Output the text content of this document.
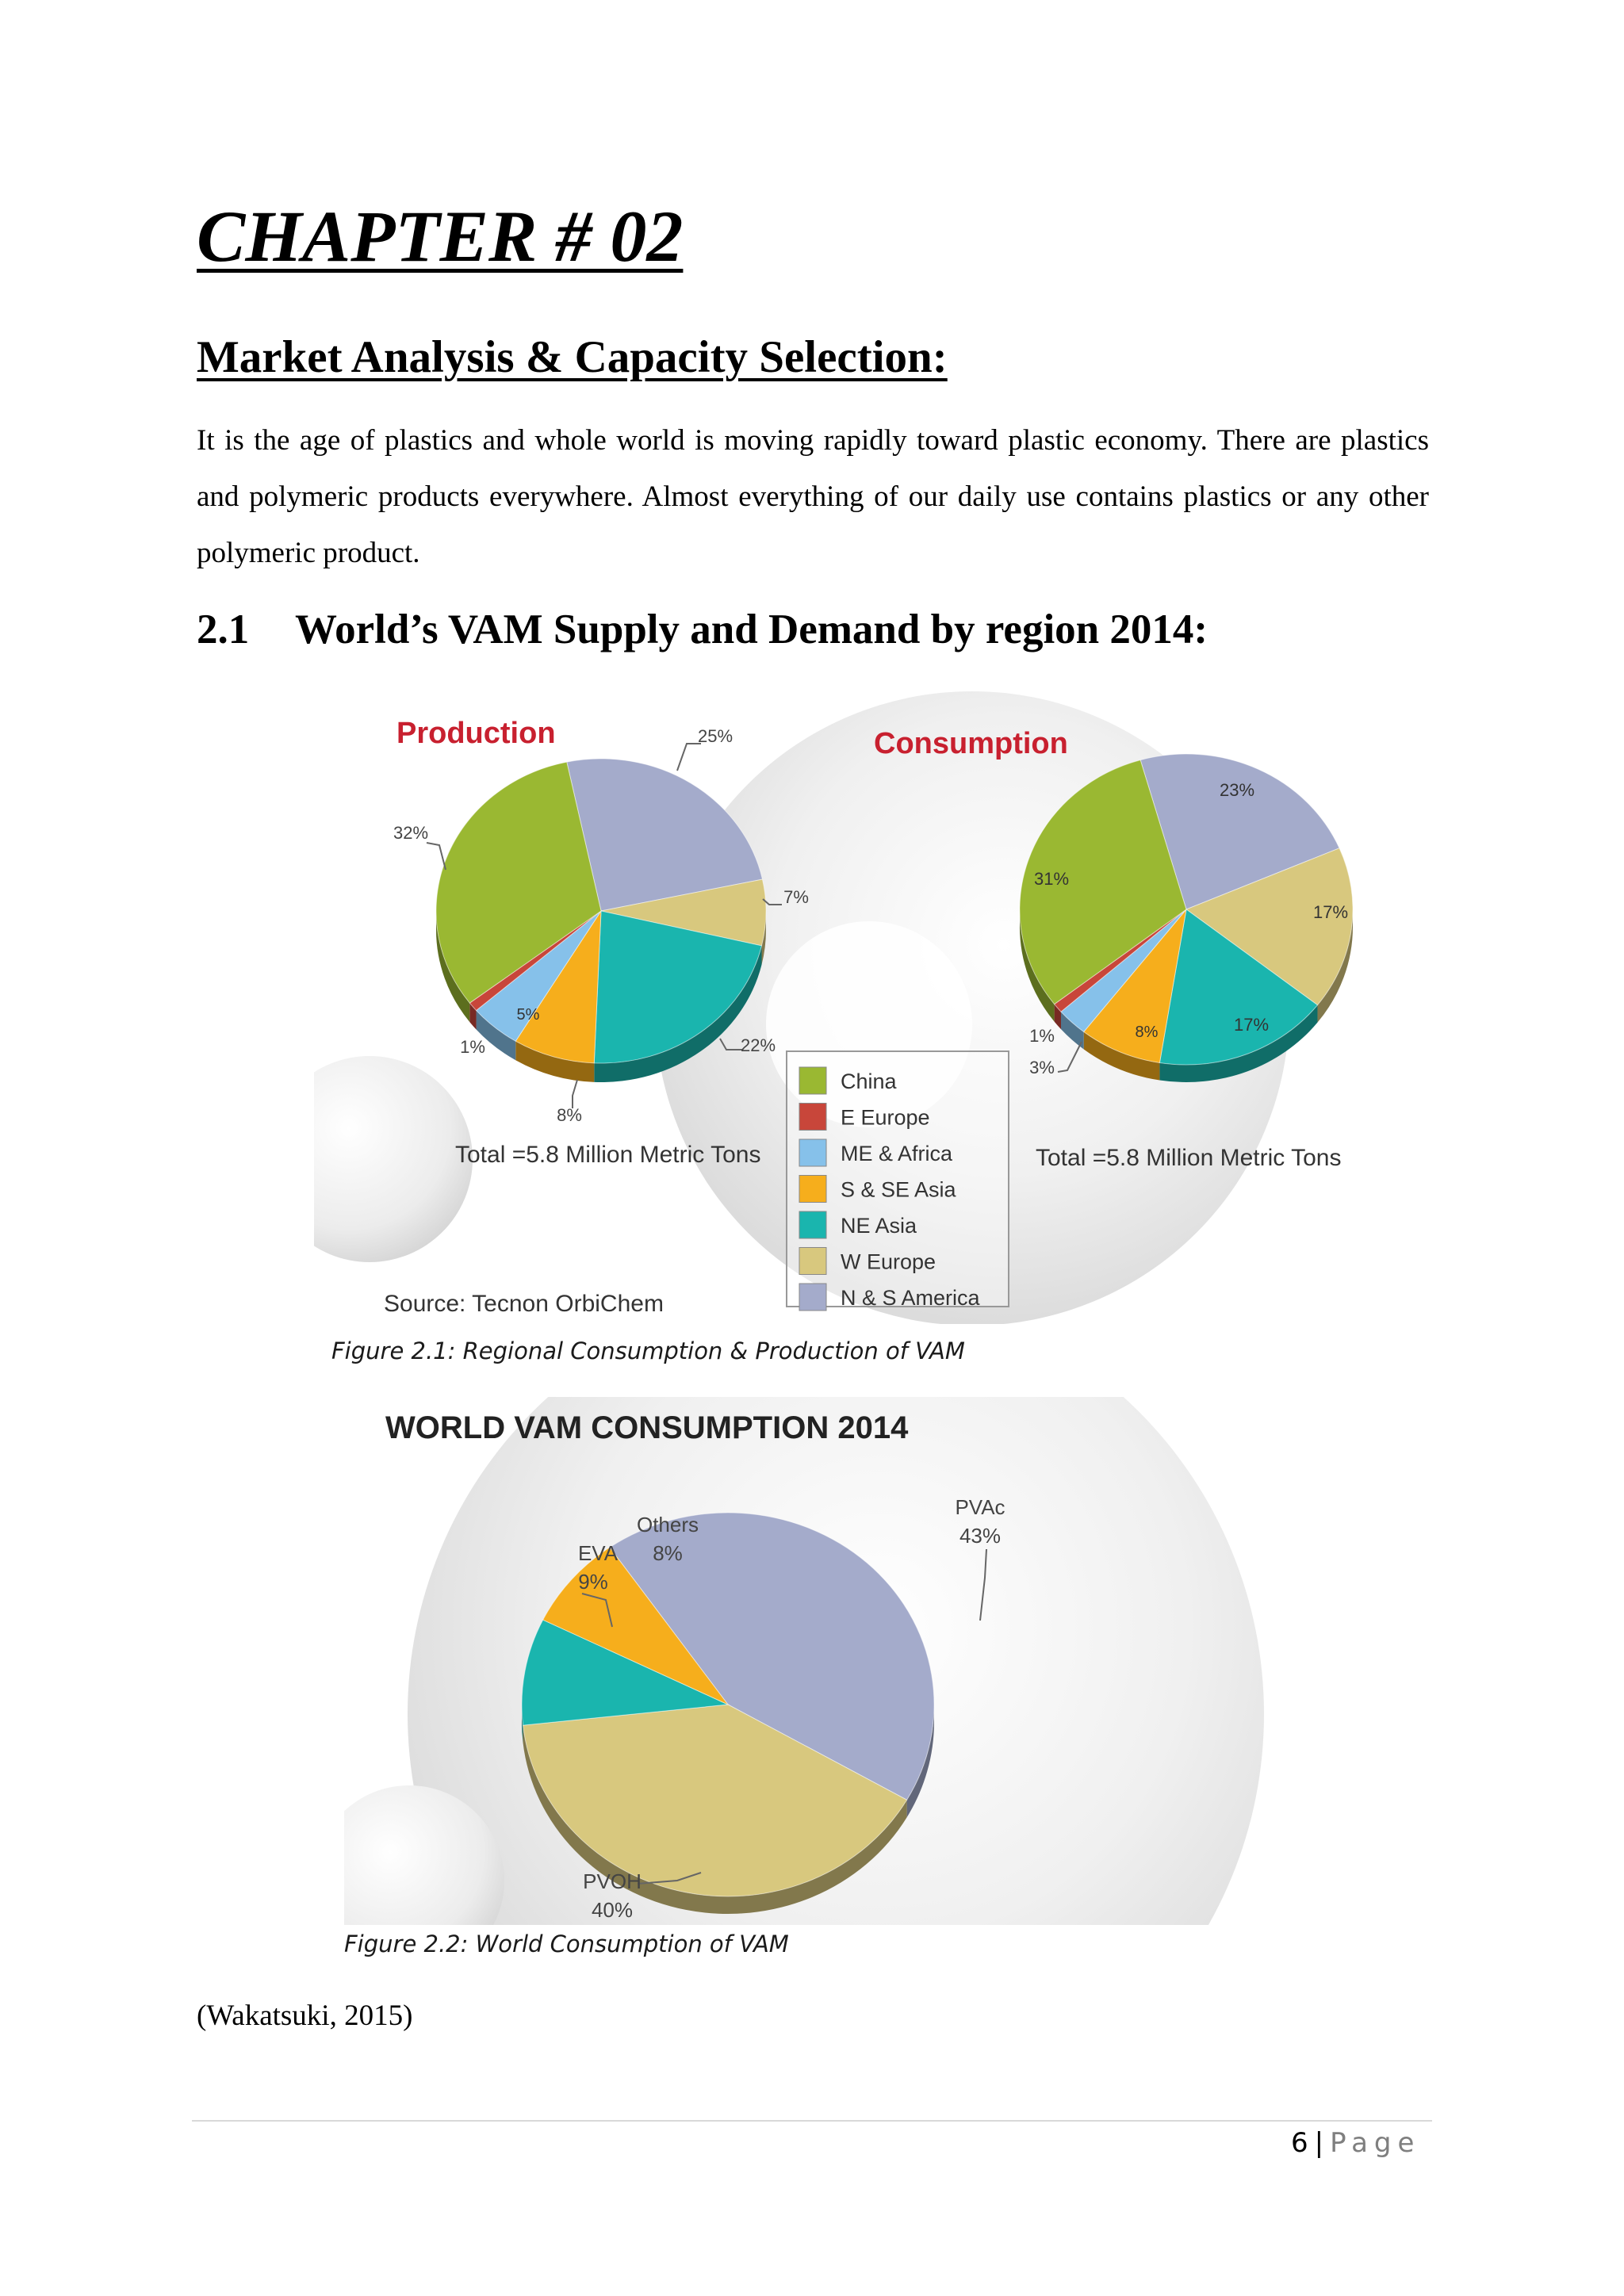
CHAPTER # 02
Market Analysis & Capacity Selection:
It is the age of plastics and whole world is moving rapidly toward plastic economy. There are plastics and polymeric products everywhere. Almost everything of our daily use contains plastics or any other polymeric product.
2.1 World’s VAM Supply and Demand by region 2014:
Production	Consumption
32%
25%
7%
22%
8%
5%
1%
31%
23%
17%
17%
8%
1%
3%
Total =5.8 Million Metric Tons	Total =5.8 Million Metric Tons
China
E Europe
ME & Africa
S & SE Asia
NE Asia
W Europe
N & S America
Source: Tecnon OrbiChem
Figure 2.1: Regional Consumption & Production of VAM
WORLD VAM CONSUMPTION 2014
PVAc
43%
Others
8%
EVA
9%
PVOH
40%
Figure 2.2: World Consumption of VAM
(Wakatsuki, 2015)
6 | Page
